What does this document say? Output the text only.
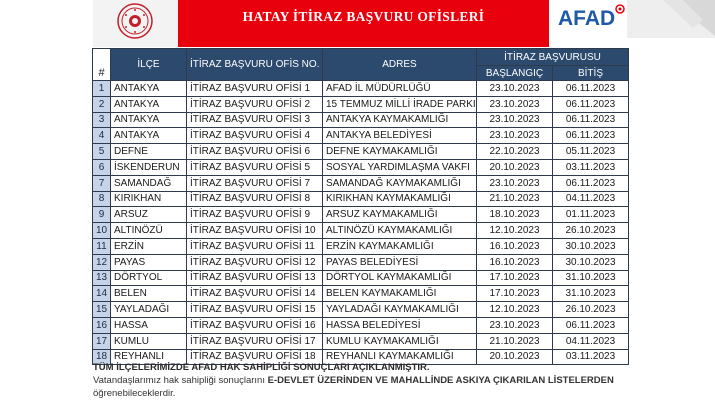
HATAY İTİRAZ BAŞVURU OFİSLERİ	AFAD
#	İLÇE	İTİRAZ BAŞVURU OFİS NO.	ADRES	İTİRAZ BAŞVURUSU	
				BAŞLANGIÇ	BİTİŞ
1	ANTAKYA	İTİRAZ BAŞVURU OFİSİ 1	AFAD İL MÜDÜRLÜĞÜ	23.10.2023	06.11.2023
2	ANTAKYA	İTİRAZ BAŞVURU OFİSİ 2	15 TEMMUZ MİLLİ İRADE PARKI	23.10.2023	06.11.2023
3	ANTAKYA	İTİRAZ BAŞVURU OFİSİ 3	ANTAKYA KAYMAKAMLIĞI	23.10.2023	06.11.2023
4	ANTAKYA	İTİRAZ BAŞVURU OFİSİ 4	ANTAKYA BELEDİYESİ	23.10.2023	06.11.2023
5	DEFNE	İTİRAZ BAŞVURU OFİSİ 6	DEFNE KAYMAKAMLIĞI	22.10.2023	05.11.2023
6	İSKENDERUN	İTİRAZ BAŞVURU OFİSİ 5	SOSYAL YARDIMLAŞMA VAKFI	20.10.2023	03.11.2023
7	SAMANDAĞ	İTİRAZ BAŞVURU OFİSİ 7	SAMANDAĞ KAYMAKAMLIĞI	23.10.2023	06.11.2023
8	KIRIKHAN	İTİRAZ BAŞVURU OFİSİ 8	KIRIKHAN KAYMAKAMLIĞI	21.10.2023	04.11.2023
9	ARSUZ	İTİRAZ BAŞVURU OFİSİ 9	ARSUZ KAYMAKAMLIĞI	18.10.2023	01.11.2023
10	ALTINÖZÜ	İTİRAZ BAŞVURU OFİSİ 10	ALTINÖZÜ KAYMAKAMLIĞI	12.10.2023	26.10.2023
11	ERZİN	İTİRAZ BAŞVURU OFİSİ 11	ERZİN KAYMAKAMLIĞI	16.10.2023	30.10.2023
12	PAYAS	İTİRAZ BAŞVURU OFİSİ 12	PAYAS BELEDİYESİ	16.10.2023	30.10.2023
13	DÖRTYOL	İTİRAZ BAŞVURU OFİSİ 13	DÖRTYOL KAYMAKAMLIĞI	17.10.2023	31.10.2023
14	BELEN	İTİRAZ BAŞVURU OFİSİ 14	BELEN KAYMAKAMLIĞI	17.10.2023	31.10.2023
15	YAYLADAĞI	İTİRAZ BAŞVURU OFİSİ 15	YAYLADAĞI KAYMAKAMLIĞI	12.10.2023	26.10.2023
16	HASSA	İTİRAZ BAŞVURU OFİSİ 16	HASSA BELEDİYESİ	23.10.2023	06.11.2023
17	KUMLU	İTİRAZ BAŞVURU OFİSİ 17	KUMLU KAYMAKAMLIĞI	21.10.2023	04.11.2023
18	REYHANLI	İTİRAZ BAŞVURU OFİSİ 18	REYHANLI KAYMAKAMLIĞI	20.10.2023	03.11.2023
TÜM İLÇELERİMİZDE AFAD HAK SAHİPLİĞİ SONUÇLARI AÇIKLANMIŞTIR.
Vatandaşlarımız hak sahipliği sonuçlarını E-DEVLET ÜZERİNDEN VE MAHALLİNDE ASKIYA ÇIKARILAN LİSTELERDEN
öğrenebileceklerdir.
